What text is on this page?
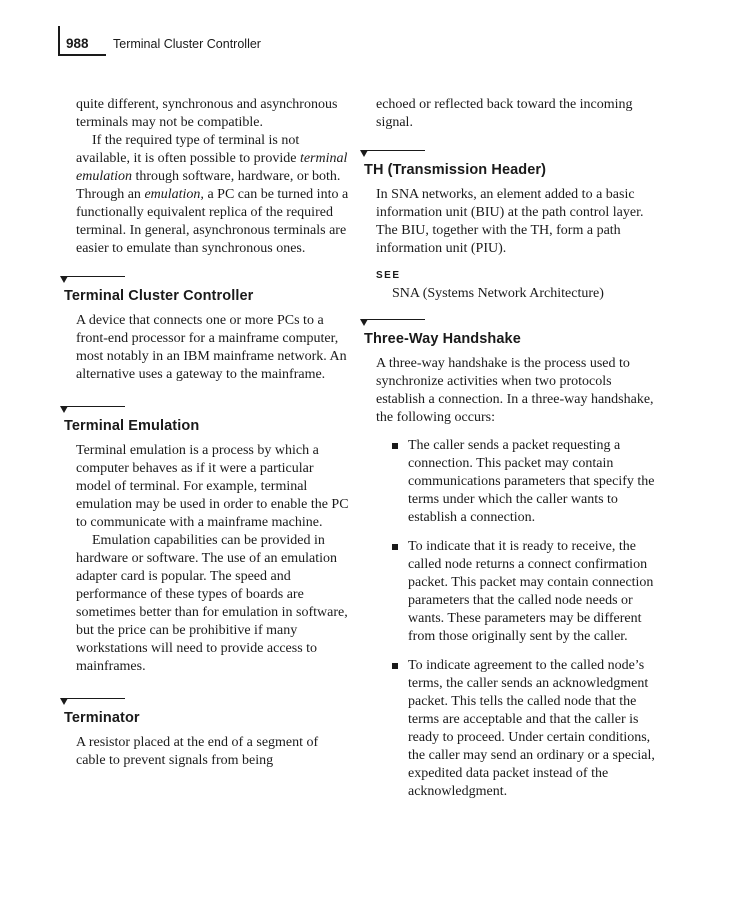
988 Terminal Cluster Controller

quite different, synchronous and asynchronous terminals may not be compatible.

If the required type of terminal is not available, it is often possible to provide terminal emulation through software, hardware, or both. Through an emulation, a PC can be turned into a functionally equivalent replica of the required terminal. In general, asynchronous terminals are easier to emulate than synchronous ones.

Terminal Cluster Controller

A device that connects one or more PCs to a front-end processor for a mainframe computer, most notably in an IBM mainframe network. An alternative uses a gateway to the mainframe.

Terminal Emulation

Terminal emulation is a process by which a computer behaves as if it were a particular model of terminal. For example, terminal emulation may be used in order to enable the PC to communicate with a mainframe machine.

Emulation capabilities can be provided in hardware or software. The use of an emulation adapter card is popular. The speed and performance of these types of boards are sometimes better than for emulation in software, but the price can be prohibitive if many workstations will need to provide access to mainframes.

Terminator

A resistor placed at the end of a segment of cable to prevent signals from being

echoed or reflected back toward the incoming signal.

TH (Transmission Header)

In SNA networks, an element added to a basic information unit (BIU) at the path control layer. The BIU, together with the TH, form a path information unit (PIU).

SEE
SNA (Systems Network Architecture)
Three-Way Handshake

A three-way handshake is the process used to synchronize activities when two protocols establish a connection. In a three-way handshake, the following occurs:

The caller sends a packet requesting a connection. This packet may contain communications parameters that specify the terms under which the caller wants to establish a connection.
To indicate that it is ready to receive, the called node returns a connect confirmation packet. This packet may contain connection parameters that the called node needs or wants. These parameters may be different from those originally sent by the caller.
To indicate agreement to the called node’s terms, the caller sends an acknowledgment packet. This tells the called node that the terms are acceptable and that the caller is ready to proceed. Under certain conditions, the caller may send an ordinary or a special, expedited data packet instead of the acknowledgment.
